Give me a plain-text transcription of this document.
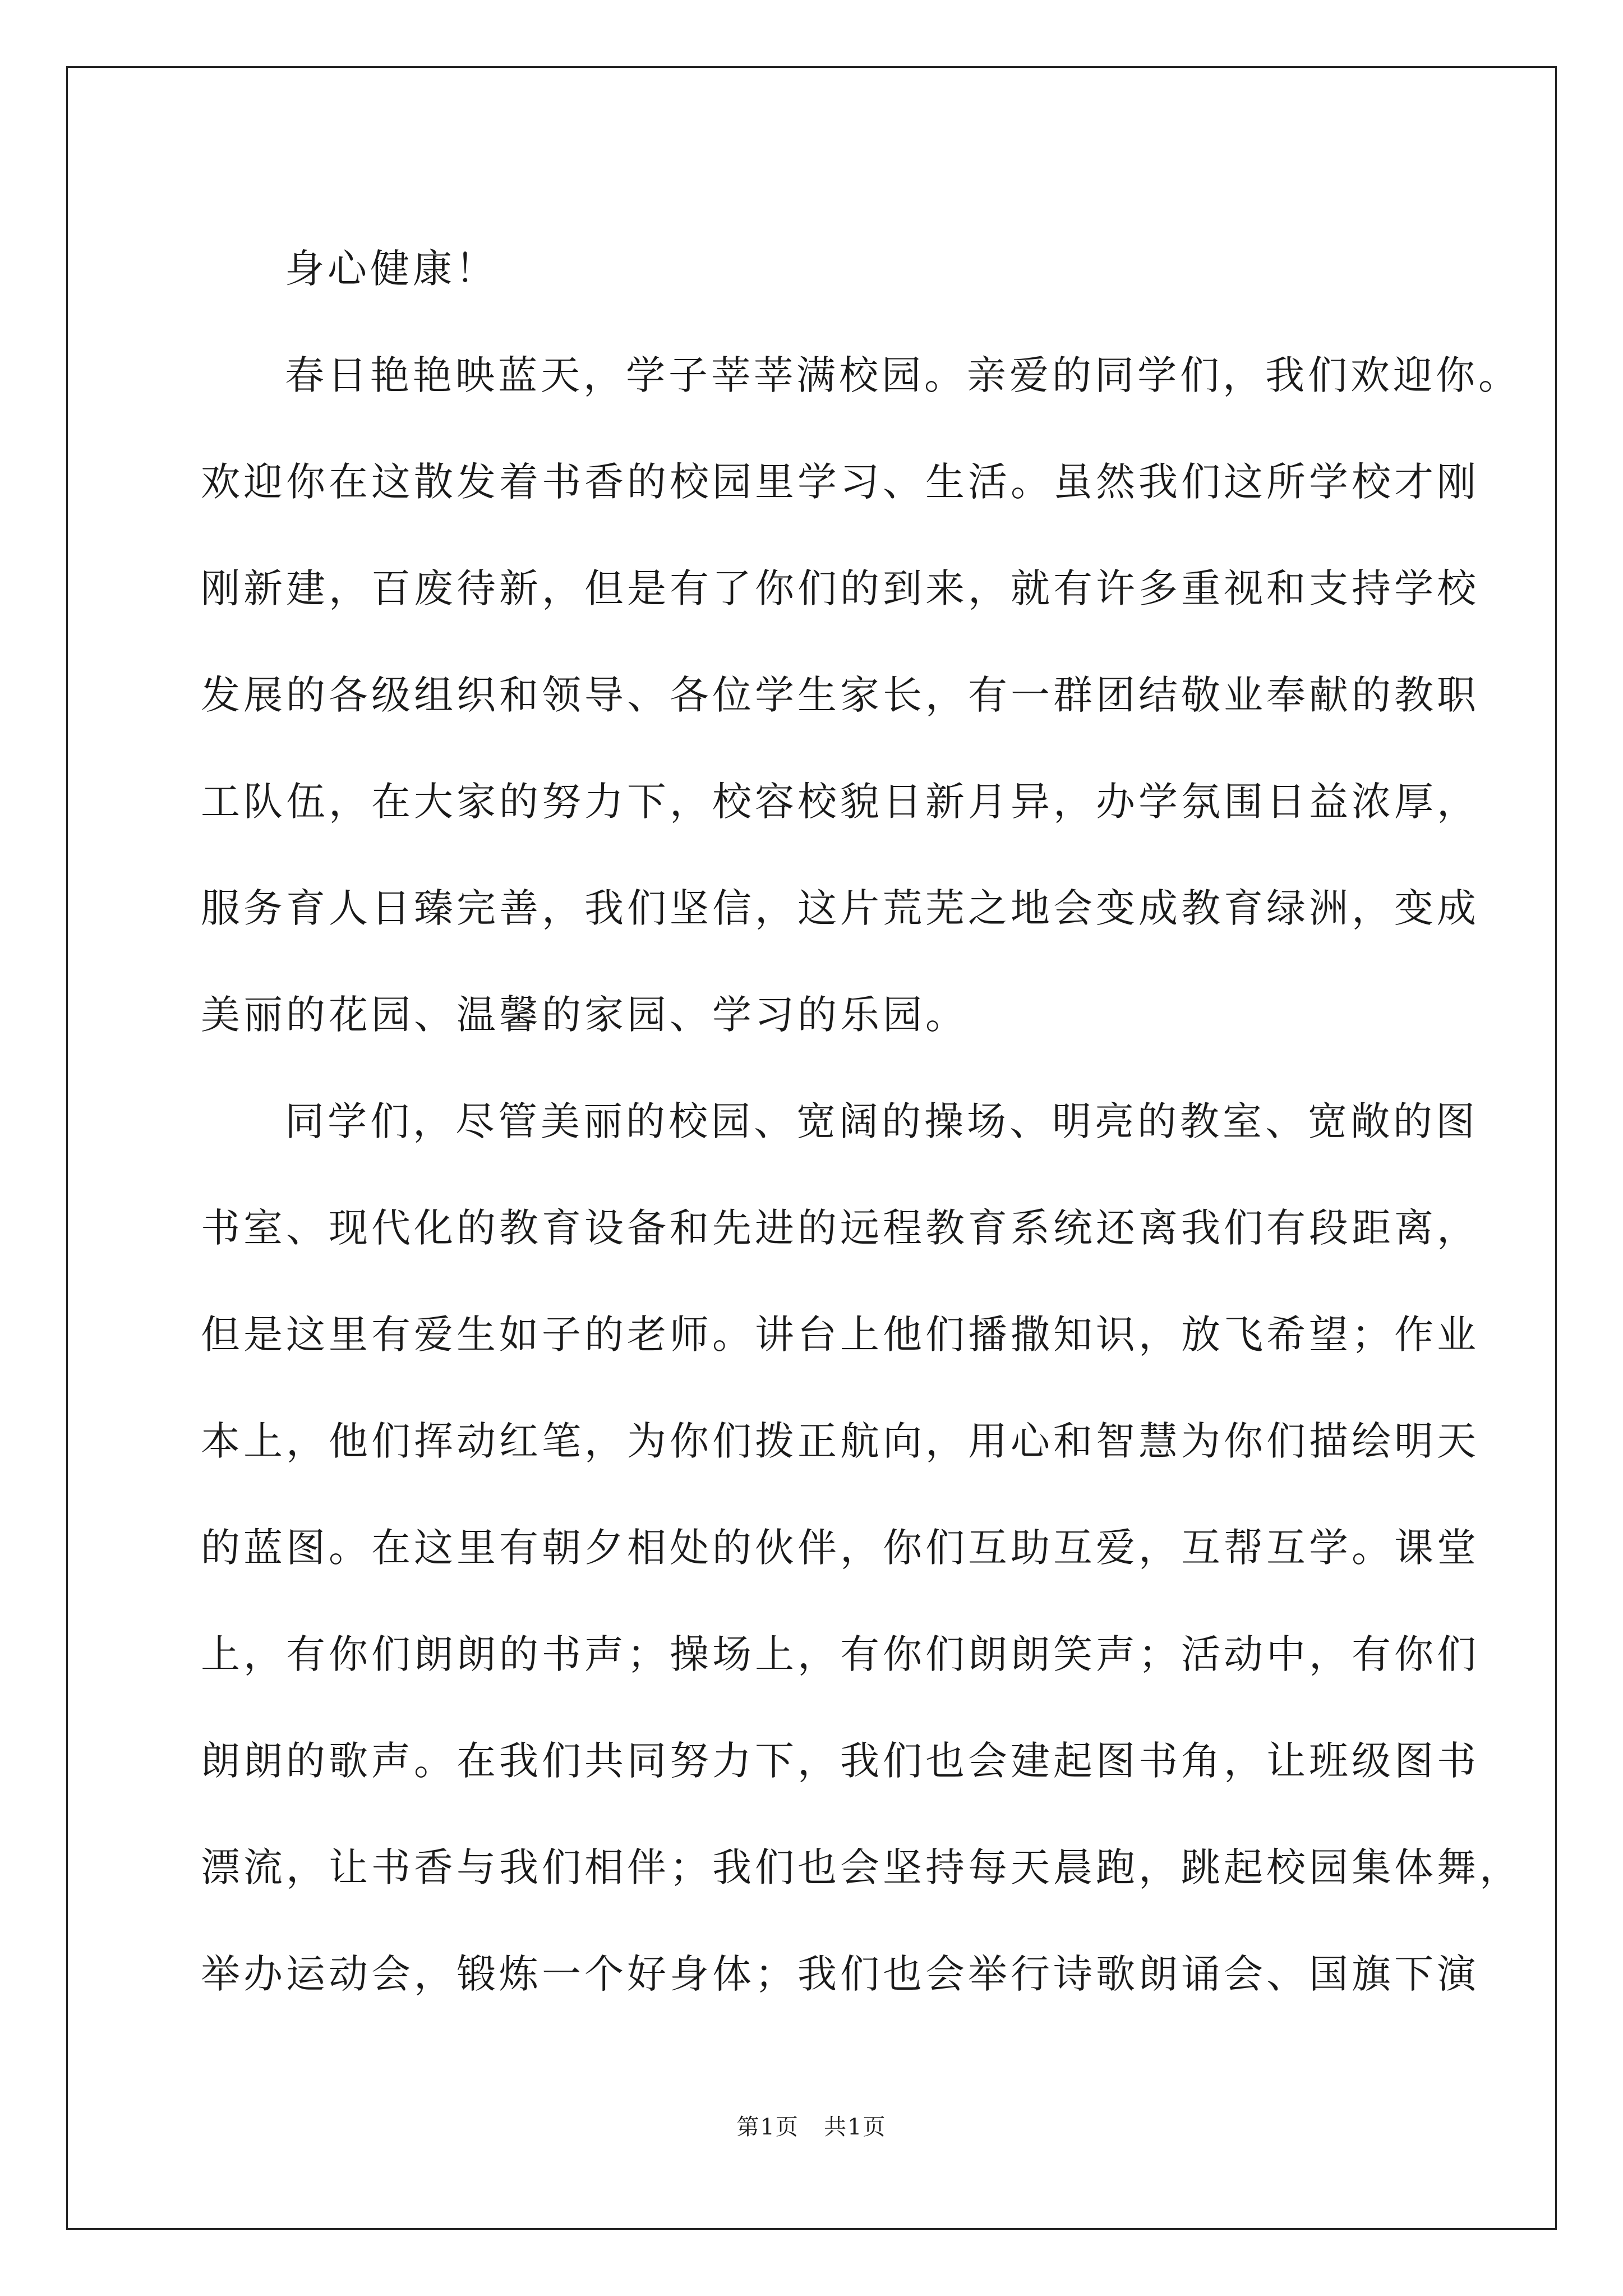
身心健康！
春日艳艳映蓝天，学子莘莘满校园。亲爱的同学们，我们欢迎你。
欢迎你在这散发着书香的校园里学习、生活。虽然我们这所学校才刚
刚新建，百废待新，但是有了你们的到来，就有许多重视和支持学校
发展的各级组织和领导、各位学生家长，有一群团结敬业奉献的教职
工队伍，在大家的努力下，校容校貌日新月异，办学氛围日益浓厚，
服务育人日臻完善，我们坚信，这片荒芜之地会变成教育绿洲，变成
美丽的花园、温馨的家园、学习的乐园。
同学们，尽管美丽的校园、宽阔的操场、明亮的教室、宽敞的图
书室、现代化的教育设备和先进的远程教育系统还离我们有段距离，
但是这里有爱生如子的老师。讲台上他们播撒知识，放飞希望；作业
本上，他们挥动红笔，为你们拨正航向，用心和智慧为你们描绘明天
的蓝图。在这里有朝夕相处的伙伴，你们互助互爱，互帮互学。课堂
上，有你们朗朗的书声；操场上，有你们朗朗笑声；活动中，有你们
朗朗的歌声。在我们共同努力下，我们也会建起图书角，让班级图书
漂流，让书香与我们相伴；我们也会坚持每天晨跑，跳起校园集体舞，
举办运动会，锻炼一个好身体；我们也会举行诗歌朗诵会、国旗下演
第1页   共1页
